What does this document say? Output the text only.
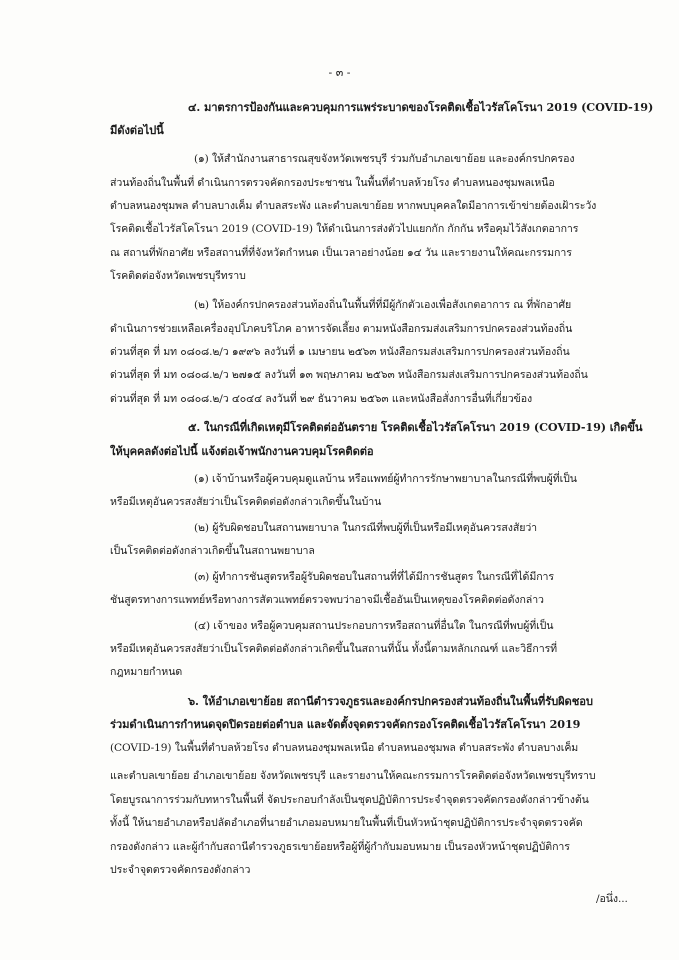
- ๓ -
๔. มาตรการป้องกันและควบคุมการแพร่ระบาดของโรคติดเชื้อไวรัสโคโรนา 2019 (COVID-19)
มีดังต่อไปนี้
(๑) ให้สำนักงานสาธารณสุขจังหวัดเพชรบุรี ร่วมกับอำเภอเขาย้อย และองค์กรปกครอง
ส่วนท้องถิ่นในพื้นที่ ดำเนินการตรวจคัดกรองประชาชน ในพื้นที่ตำบลห้วยโรง ตำบลหนองชุมพลเหนือ
ตำบลหนองชุมพล ตำบลบางเค็ม ตำบลสระพัง และตำบลเขาย้อย หากพบบุคคลใดมีอาการเข้าข่ายต้องเฝ้าระวัง
โรคติดเชื้อไวรัสโคโรนา 2019 (COVID-19) ให้ดำเนินการส่งตัวไปแยกกัก กักกัน หรือคุมไว้สังเกตอาการ
ณ สถานที่พักอาศัย หรือสถานที่ที่จังหวัดกำหนด เป็นเวลาอย่างน้อย ๑๔ วัน และรายงานให้คณะกรรมการ
โรคติดต่อจังหวัดเพชรบุรีทราบ
(๒) ให้องค์กรปกครองส่วนท้องถิ่นในพื้นที่ที่มีผู้กักตัวเองเพื่อสังเกตอาการ ณ ที่พักอาศัย
ดำเนินการช่วยเหลือเครื่องอุปโภคบริโภค อาหารจัดเลี้ยง ตามหนังสือกรมส่งเสริมการปกครองส่วนท้องถิ่น
ด่วนที่สุด ที่ มท ๐๘๐๘.๒/ว ๑๙๙๖ ลงวันที่ ๑ เมษายน ๒๕๖๓ หนังสือกรมส่งเสริมการปกครองส่วนท้องถิ่น
ด่วนที่สุด ที่ มท ๐๘๐๘.๒/ว ๒๗๑๕ ลงวันที่ ๑๓ พฤษภาคม ๒๕๖๓ หนังสือกรมส่งเสริมการปกครองส่วนท้องถิ่น
ด่วนที่สุด ที่ มท ๐๘๐๘.๒/ว ๔๐๔๔ ลงวันที่ ๒๙ ธันวาคม ๒๕๖๓ และหนังสือสั่งการอื่นที่เกี่ยวข้อง
๕. ในกรณีที่เกิดเหตุมีโรคติดต่ออันตราย โรคติดเชื้อไวรัสโคโรนา 2019 (COVID-19) เกิดขึ้น
ให้บุคคลดังต่อไปนี้ แจ้งต่อเจ้าพนักงานควบคุมโรคติดต่อ
(๑) เจ้าบ้านหรือผู้ควบคุมดูแลบ้าน หรือแพทย์ผู้ทำการรักษาพยาบาลในกรณีที่พบผู้ที่เป็น
หรือมีเหตุอันควรสงสัยว่าเป็นโรคติดต่อดังกล่าวเกิดขึ้นในบ้าน
(๒) ผู้รับผิดชอบในสถานพยาบาล ในกรณีที่พบผู้ที่เป็นหรือมีเหตุอันควรสงสัยว่า
เป็นโรคติดต่อดังกล่าวเกิดขึ้นในสถานพยาบาล
(๓) ผู้ทำการชันสูตรหรือผู้รับผิดชอบในสถานที่ที่ได้มีการชันสูตร ในกรณีที่ได้มีการ
ชันสูตรทางการแพทย์หรือทางการสัตวแพทย์ตรวจพบว่าอาจมีเชื้ออันเป็นเหตุของโรคติดต่อดังกล่าว
(๔) เจ้าของ หรือผู้ควบคุมสถานประกอบการหรือสถานที่อื่นใด ในกรณีที่พบผู้ที่เป็น
หรือมีเหตุอันควรสงสัยว่าเป็นโรคติดต่อดังกล่าวเกิดขึ้นในสถานที่นั้น ทั้งนี้ตามหลักเกณฑ์ และวิธีการที่
กฎหมายกำหนด
๖. ให้อำเภอเขาย้อย สถานีตำรวจภูธรและองค์กรปกครองส่วนท้องถิ่นในพื้นที่รับผิดชอบ
ร่วมดำเนินการกำหนดจุดปิดรอยต่อตำบล และจัดตั้งจุดตรวจคัดกรองโรคติดเชื้อไวรัสโคโรนา 2019
(COVID-19) ในพื้นที่ตำบลห้วยโรง ตำบลหนองชุมพลเหนือ ตำบลหนองชุมพล ตำบลสระพัง ตำบลบางเค็ม
และตำบลเขาย้อย อำเภอเขาย้อย จังหวัดเพชรบุรี และรายงานให้คณะกรรมการโรคติดต่อจังหวัดเพชรบุรีทราบ
โดยบูรณาการร่วมกับทหารในพื้นที่ จัดประกอบกำลังเป็นชุดปฏิบัติการประจำจุดตรวจคัดกรองดังกล่าวข้างต้น
ทั้งนี้ ให้นายอำเภอหรือปลัดอำเภอที่นายอำเภอมอบหมายในพื้นที่เป็นหัวหน้าชุดปฏิบัติการประจำจุดตรวจคัด
กรองดังกล่าว และผู้กำกับสถานีตำรวจภูธรเขาย้อยหรือผู้ที่ผู้กำกับมอบหมาย เป็นรองหัวหน้าชุดปฏิบัติการ
ประจำจุดตรวจคัดกรองดังกล่าว
/อนึ่ง...
